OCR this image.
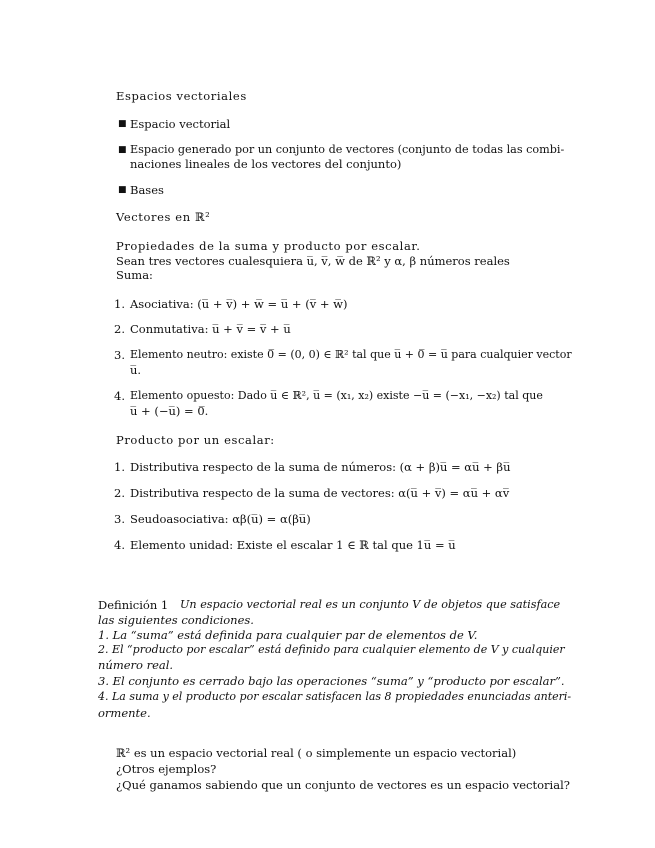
Espacios vectoriales
■ Espacio vectorial
■ Espacio generado por un conjunto de vectores (conjunto de todas las combi-
naciones lineales de los vectores del conjunto)
■ Bases
Vectores en ℝ²
Propiedades de la suma y producto por escalar.
Sean tres vectores cualesquiera u̅, v̅, w̅ de ℝ² y α, β números reales
Suma:
1. Asociativa: (u̅ + v̅) + w̅ = u̅ + (v̅ + w̅)
2. Conmutativa: u̅ + v̅ = v̅ + u̅
3. Elemento neutro: existe 0̅ = (0, 0) ∈ ℝ² tal que u̅ + 0̅ = u̅ para cualquier vector
u̅.
4. Elemento opuesto: Dado u̅ ∈ ℝ², u̅ = (x₁, x₂) existe −u̅ = (−x₁, −x₂) tal que
u̅ + (−u̅) = 0̅.
Producto por un escalar:
1. Distributiva respecto de la suma de números: (α + β)u̅ = αu̅ + βu̅
2. Distributiva respecto de la suma de vectores: α(u̅ + v̅) = αu̅ + αv̅
3. Seudoasociativa: αβ(u̅) = α(βu̅)
4. Elemento unidad: Existe el escalar 1 ∈ ℝ tal que 1u̅ = u̅
Definición 1 Un espacio vectorial real es un conjunto V de objetos que satisface
las siguientes condiciones.
1. La “suma” está definida para cualquier par de elementos de V.
2. El “producto por escalar” está definido para cualquier elemento de V y cualquier
número real.
3. El conjunto es cerrado bajo las operaciones “suma” y “producto por escalar”.
4. La suma y el producto por escalar satisfacen las 8 propiedades enunciadas anteri-
ormente.
ℝ² es un espacio vectorial real ( o simplemente un espacio vectorial)
¿Otros ejemplos?
¿Qué ganamos sabiendo que un conjunto de vectores es un espacio vectorial?
